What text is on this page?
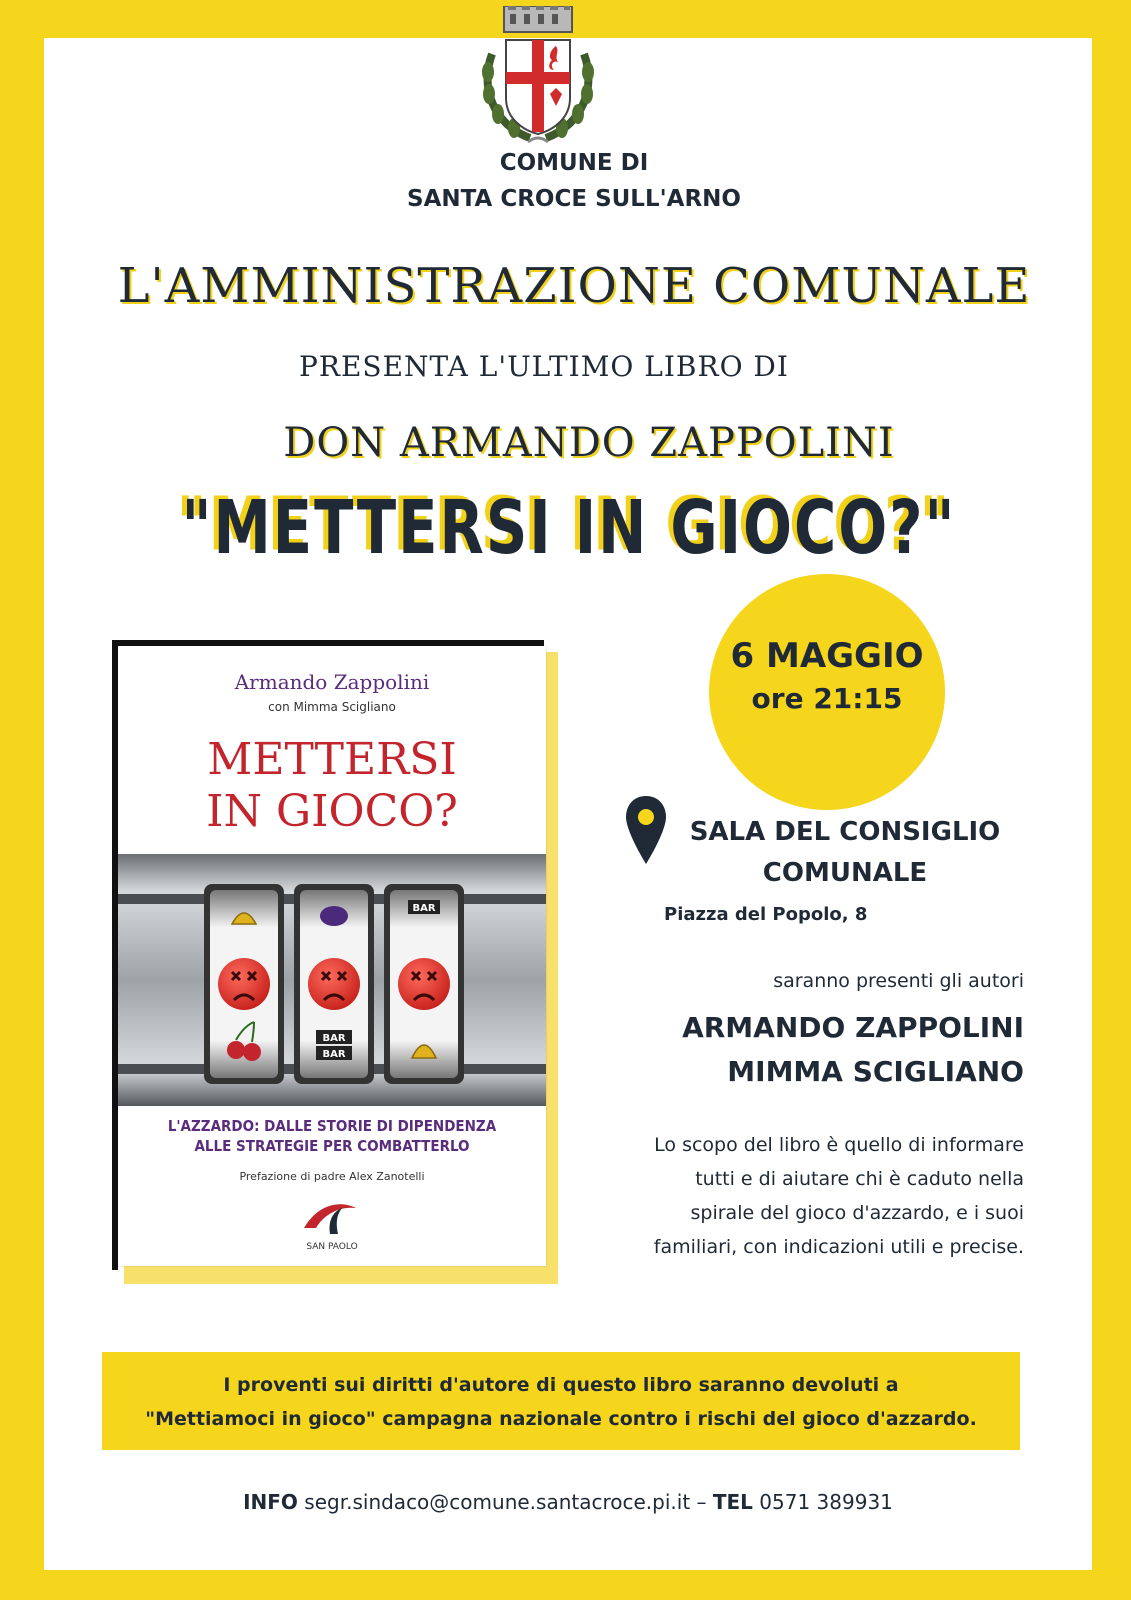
COMUNE DI
SANTA CROCE SULL'ARNO
L'AMMINISTRAZIONE COMUNALE
PRESENTA L'ULTIMO LIBRO DI
DON ARMANDO ZAPPOLINI
"METTERSI IN GIOCO?"
Armando Zappolini
con Mimma Scigliano
METTERSI
IN GIOCO?
BAR
BAR
BAR
L'AZZARDO: DALLE STORIE DI DIPENDENZA
ALLE STRATEGIE PER COMBATTERLO
Prefazione di padre Alex Zanotelli
SAN PAOLO
6 MAGGIO
ore 21:15
SALA DEL CONSIGLIO
COMUNALE
Piazza del Popolo, 8
saranno presenti gli autori
ARMANDO ZAPPOLINI
MIMMA SCIGLIANO
Lo scopo del libro è quello di informare
tutti e di aiutare chi è caduto nella
spirale del gioco d'azzardo, e i suoi
familiari, con indicazioni utili e precise.
I proventi sui diritti d'autore di questo libro saranno devoluti a
"Mettiamoci in gioco" campagna nazionale contro i rischi del gioco d'azzardo.
INFO segr.sindaco@comune.santacroce.pi.it – TEL 0571 389931
